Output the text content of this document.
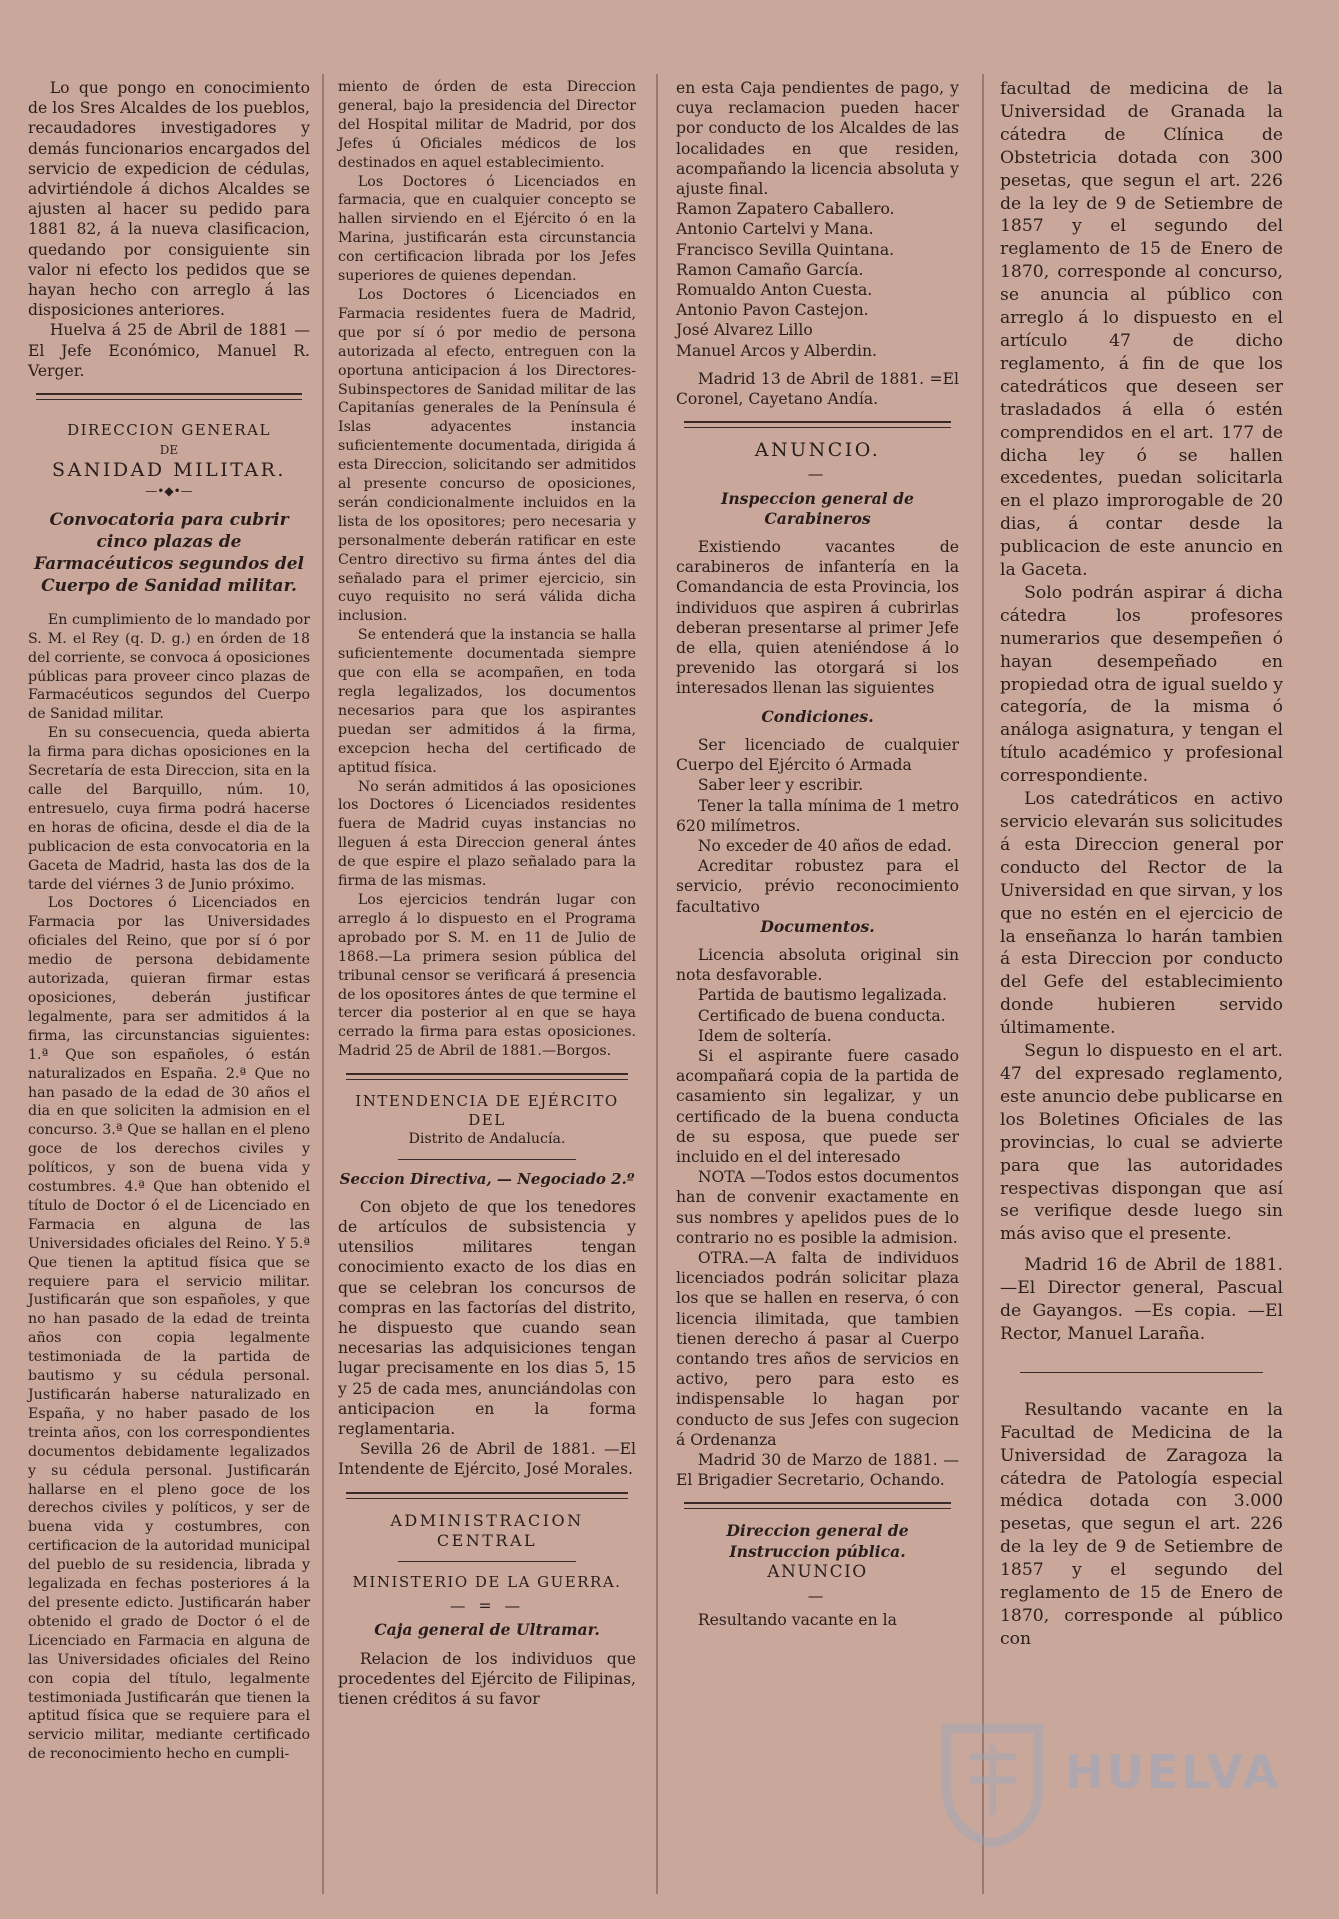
Lo que pongo en conocimiento de los Sres Alcaldes de los pueblos, recaudadores investigadores y demás funcionarios encargados del servicio de expedicion de cédulas, advirtiéndole á dichos Alcaldes se ajusten al hacer su pedido para 1881 82, á la nueva clasificacion, quedando por consiguiente sin valor ni efecto los pedidos que se hayan hecho con arreglo á las disposiciones anteriores.

Huelva á 25 de Abril de 1881 —El Jefe Económico, Manuel R. Verger.

DIRECCION GENERAL

DE

SANIDAD MILITAR.

—•◆•—

Convocatoria para cubrir cinco plazas de Farmacéuticos segundos del Cuerpo de Sanidad militar.

En cumplimiento de lo mandado por S. M. el Rey (q. D. g.) en órden de 18 del corriente, se convoca á oposiciones públicas para proveer cinco plazas de Farmacéuticos segundos del Cuerpo de Sanidad militar.

En su consecuencia, queda abierta la firma para dichas oposiciones en la Secretaría de esta Direccion, sita en la calle del Barquillo, núm. 10, entresuelo, cuya firma podrá hacerse en horas de oficina, desde el dia de la publicacion de esta convocatoria en la Gaceta de Madrid, hasta las dos de la tarde del viérnes 3 de Junio próximo.

Los Doctores ó Licenciados en Farmacia por las Universidades oficiales del Reino, que por sí ó por medio de persona debidamente autorizada, quieran firmar estas oposiciones, deberán justificar legalmente, para ser admitidos á la firma, las circunstancias siguientes: 1.ª Que son españoles, ó están naturalizados en España. 2.ª Que no han pasado de la edad de 30 años el dia en que soliciten la admision en el concurso. 3.ª Que se hallan en el pleno goce de los derechos civiles y políticos, y son de buena vida y costumbres. 4.ª Que han obtenido el título de Doctor ó el de Licenciado en Farmacia en alguna de las Universidades oficiales del Reino. Y 5.ª Que tienen la aptitud física que se requiere para el servicio militar. Justificarán que son españoles, y que no han pasado de la edad de treinta años con copia legalmente testimoniada de la partida de bautismo y su cédula personal. Justificarán haberse naturalizado en España, y no haber pasado de los treinta años, con los correspondientes documentos debidamente legalizados y su cédula personal. Justificarán hallarse en el pleno goce de los derechos civiles y políticos, y ser de buena vida y costumbres, con certificacion de la autoridad municipal del pueblo de su residencia, librada y legalizada en fechas posteriores á la del presente edicto. Justificarán haber obtenido el grado de Doctor ó el de Licenciado en Farmacia en alguna de las Universidades oficiales del Reino con copia del título, legalmente testimoniada Justificarán que tienen la aptitud física que se requiere para el servicio militar, mediante certificado de reconocimiento hecho en cumpli-

miento de órden de esta Direccion general, bajo la presidencia del Director del Hospital militar de Madrid, por dos Jefes ú Oficiales médicos de los destinados en aquel establecimiento.

Los Doctores ó Licenciados en farmacia, que en cualquier concepto se hallen sirviendo en el Ejército ó en la Marina, justificarán esta circunstancia con certificacion librada por los Jefes superiores de quienes dependan.

Los Doctores ó Licenciados en Farmacia residentes fuera de Madrid, que por sí ó por medio de persona autorizada al efecto, entreguen con la oportuna anticipacion á los Directores-Subinspectores de Sanidad militar de las Capitanías generales de la Península é Islas adyacentes instancia suficientemente documentada, dirigida á esta Direccion, solicitando ser admitidos al presente concurso de oposiciones, serán condicionalmente incluidos en la lista de los opositores; pero necesaria y personalmente deberán ratificar en este Centro directivo su firma ántes del dia señalado para el primer ejercicio, sin cuyo requisito no será válida dicha inclusion.

Se entenderá que la instancia se halla suficientemente documentada siempre que con ella se acompañen, en toda regla legalizados, los documentos necesarios para que los aspirantes puedan ser admitidos á la firma, excepcion hecha del certificado de aptitud física.

No serán admitidos á las oposiciones los Doctores ó Licenciados residentes fuera de Madrid cuyas instancias no lleguen á esta Direccion general ántes de que espire el plazo señalado para la firma de las mismas.

Los ejercicios tendrán lugar con arreglo á lo dispuesto en el Programa aprobado por S. M. en 11 de Julio de 1868.—La primera sesion pública del tribunal censor se verificará á presencia de los opositores ántes de que termine el tercer dia posterior al en que se haya cerrado la firma para estas oposiciones. Madrid 25 de Abril de 1881.—Borgos.

INTENDENCIA DE EJÉRCITO DEL

Distrito de Andalucía.

Seccion Directiva, — Negociado 2.º

Con objeto de que los tenedores de artículos de subsistencia y utensilios militares tengan conocimiento exacto de los dias en que se celebran los concursos de compras en las factorías del distrito, he dispuesto que cuando sean necesarias las adquisiciones tengan lugar precisamente en los dias 5, 15 y 25 de cada mes, anunciándolas con anticipacion en la forma reglamentaria.

Sevilla 26 de Abril de 1881. —El Intendente de Ejército, José Morales.

ADMINISTRACION CENTRAL

MINISTERIO DE LA GUERRA.

— = —

Caja general de Ultramar.

Relacion de los individuos que procedentes del Ejército de Filipinas, tienen créditos á su favor

en esta Caja pendientes de pago, y cuya reclamacion pueden hacer por conducto de los Alcaldes de las localidades en que residen, acompañando la licencia absoluta y ajuste final.

Ramon Zapatero Caballero.

Antonio Cartelvi y Mana.

Francisco Sevilla Quintana.

Ramon Camaño García.

Romualdo Anton Cuesta.

Antonio Pavon Castejon.

José Alvarez Lillo

Manuel Arcos y Alberdin.

Madrid 13 de Abril de 1881. =El Coronel, Cayetano Andía.

ANUNCIO.

—

Inspeccion general de Carabineros

Existiendo vacantes de carabineros de infantería en la Comandancia de esta Provincia, los individuos que aspiren á cubrirlas deberan presentarse al primer Jefe de ella, quien ateniéndose á lo prevenido las otorgará si los interesados llenan las siguientes

Condiciones.

Ser licenciado de cualquier Cuerpo del Ejército ó Armada

Saber leer y escribir.

Tener la talla mínima de 1 metro 620 milímetros.

No exceder de 40 años de edad.

Acreditar robustez para el servicio, prévio reconocimiento facultativo

Documentos.

Licencia absoluta original sin nota desfavorable.

Partida de bautismo legalizada.

Certificado de buena conducta.

Idem de soltería.

Si el aspirante fuere casado acompañará copia de la partida de casamiento sin legalizar, y un certificado de la buena conducta de su esposa, que puede ser incluido en el del interesado

NOTA —Todos estos documentos han de convenir exactamente en sus nombres y apelidos pues de lo contrario no es posible la admision.

OTRA.—A falta de individuos licenciados podrán solicitar plaza los que se hallen en reserva, ó con licencia ilimitada, que tambien tienen derecho á pasar al Cuerpo contando tres años de servicios en activo, pero para esto es indispensable lo hagan por conducto de sus Jefes con sugecion á Ordenanza

Madrid 30 de Marzo de 1881. —El Brigadier Secretario, Ochando.

Direccion general de Instruccion pública.

ANUNCIO

—

Resultando vacante en la

facultad de medicina de la Universidad de Granada la cátedra de Clínica de Obstetricia dotada con 300 pesetas, que segun el art. 226 de la ley de 9 de Setiembre de 1857 y el segundo del reglamento de 15 de Enero de 1870, corresponde al concurso, se anuncia al público con arreglo á lo dispuesto en el artículo 47 de dicho reglamento, á fin de que los catedráticos que deseen ser trasladados á ella ó estén comprendidos en el art. 177 de dicha ley ó se hallen excedentes, puedan solicitarla en el plazo improrogable de 20 dias, á contar desde la publicacion de este anuncio en la Gaceta.

Solo podrán aspirar á dicha cátedra los profesores numerarios que desempeñen ó hayan desempeñado en propiedad otra de igual sueldo y categoría, de la misma ó análoga asignatura, y tengan el título académico y profesional correspondiente.

Los catedráticos en activo servicio elevarán sus solicitudes á esta Direccion general por conducto del Rector de la Universidad en que sirvan, y los que no estén en el ejercicio de la enseñanza lo harán tambien á esta Direccion por conducto del Gefe del establecimiento donde hubieren servido últimamente.

Segun lo dispuesto en el art. 47 del expresado reglamento, este anuncio debe publicarse en los Boletines Oficiales de las provincias, lo cual se advierte para que las autoridades respectivas dispongan que así se verifique desde luego sin más aviso que el presente.

Madrid 16 de Abril de 1881. —El Director general, Pascual de Gayangos. —Es copia. —El Rector, Manuel Laraña.

Resultando vacante en la Facultad de Medicina de la Universidad de Zaragoza la cátedra de Patología especial médica dotada con 3.000 pesetas, que segun el art. 226 de la ley de 9 de Setiembre de 1857 y el segundo del reglamento de 15 de Enero de 1870, corresponde al público con

HUELVA
